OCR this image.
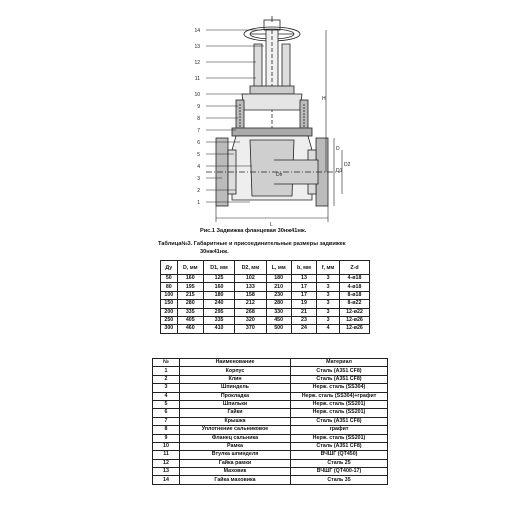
14
13
12
11
10
9
8
7
6
5
4
3
2
1
H
D1
D2
D
L
Dn
Рис.1 Задвижка фланцевая 30нж41нж.
Таблица№3. Габаритные и присоединительные размеры задвижек
30нж41нж.
Ду	D, мм	D1, мм	D2, мм	L, мм	b, мм	f, мм	Z-d
50	160	125	102	180	13	3	4-ø18
80	195	160	133	210	17	3	4-ø18
100	215	180	158	230	17	3	8-ø18
150	280	240	212	280	19	3	8-ø22
200	335	295	268	330	21	3	12-ø22
250	405	335	320	450	23	3	12-ø26
300	460	410	370	500	24	4	12-ø26
№	Наименование	Материал
1	Корпус	Сталь (A351 CF8)
2	Клин	Сталь (A351 CF8)
3	Шпиндель	Нерж. сталь (SS304)
4	Прокладка	Нерж. сталь (SS304)+графит
5	Шпильки	Нерж. сталь (SS201)
6	Гайки	Нерж. сталь (SS201)
7	Крышка	Сталь (A351 CF8)
8	Уплотнение сальниковое	графит
9	Фланец сальника	Нерж. сталь (SS201)
10	Рамка	Сталь (A351 CF8)
11	Втулка шпинделя	ВЧШГ (QT450)
12	Гайка рамки	Сталь 25
13	Маховик	ВЧШГ (QT400-17)
14	Гайка маховика	Сталь 35
